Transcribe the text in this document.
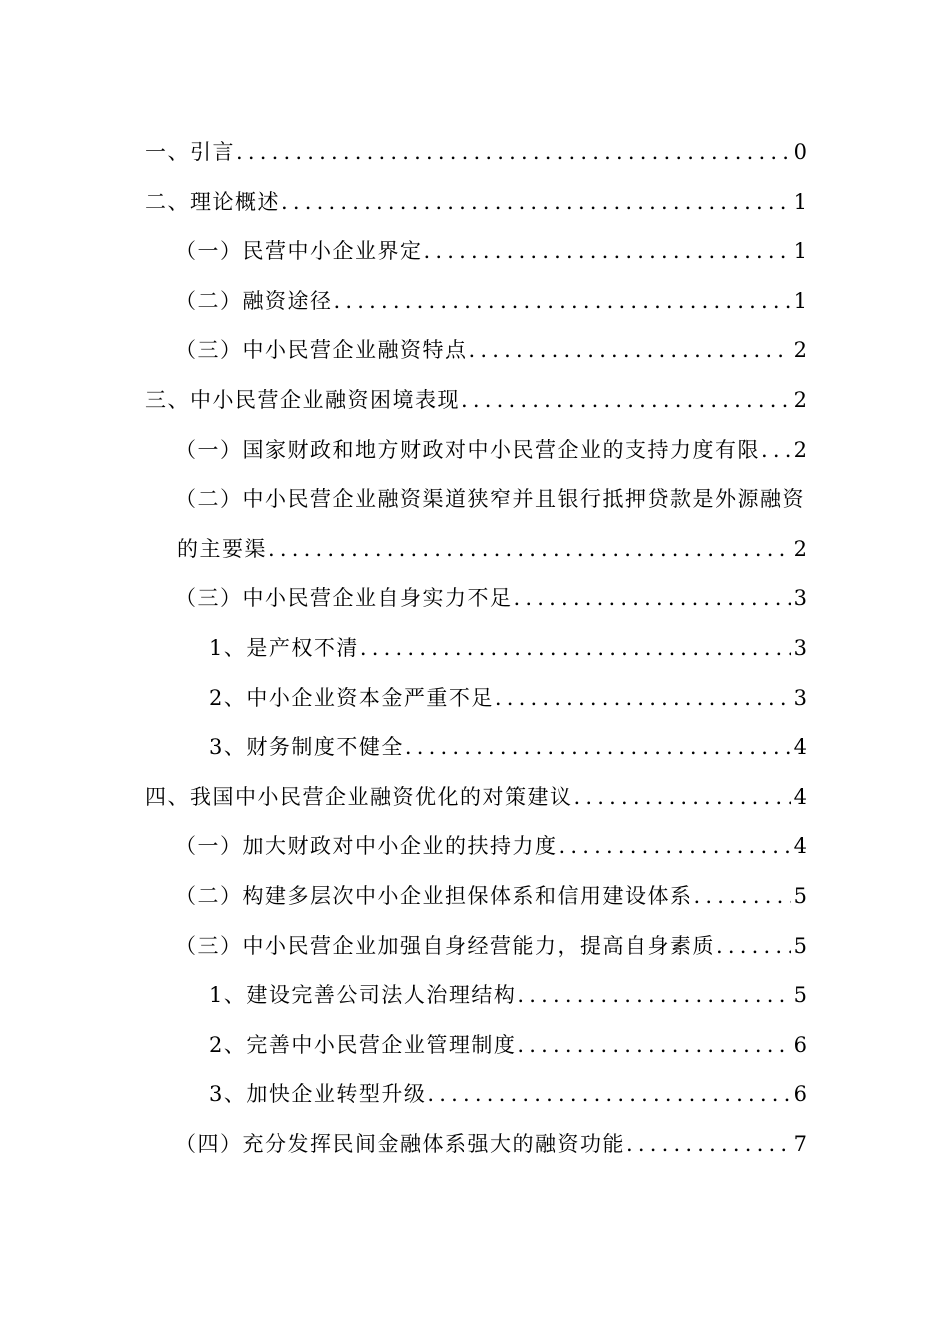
一、引言 .....	0
二、理论概述 .....	1
（一）民营中小企业界定 .....	1
（二）融资途径 .....	1
（三）中小民营企业融资特点 .....	2
三、中小民营企业融资困境表现 .....	2
（一）国家财政和地方财政对中小民营企业的支持力度有限 ..... 2
（二）中小民营企业融资渠道狭窄并且银行抵押贷款是外源融资
的主要渠 .....	2
（三）中小民营企业自身实力不足 .....	3
1、是产权不清 .....	3
2、中小企业资本金严重不足 .....	3
3、财务制度不健全 .....	4
四、我国中小民营企业融资优化的对策建议 .....	4
（一）加大财政对中小企业的扶持力度 .....	4
（二）构建多层次中小企业担保体系和信用建设体系 .....	5
（三）中小民营企业加强自身经营能力，提高自身素质 .....	5
1、建设完善公司法人治理结构 .....	5
2、完善中小民营企业管理制度 .....	6
3、加快企业转型升级 .....	6
（四）充分发挥民间金融体系强大的融资功能 .....	7
